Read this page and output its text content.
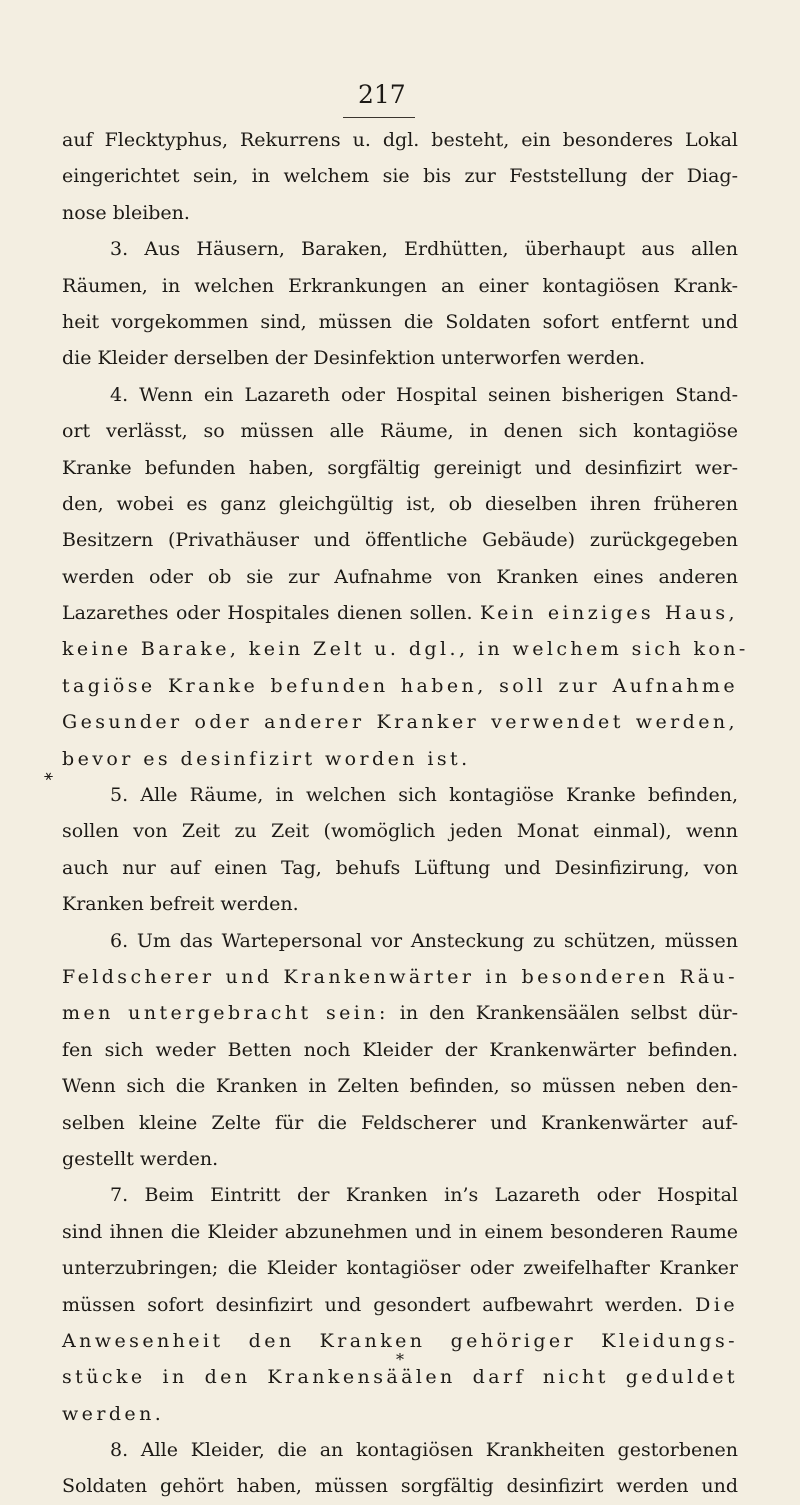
217
auf Flecktyphus, Rekurrens u. dgl. besteht, ein besonderes Lokal
eingerichtet sein, in welchem sie bis zur Feststellung der Diag-
nose bleiben.
3. Aus Häusern, Baraken, Erdhütten, überhaupt aus allen
Räumen, in welchen Erkrankungen an einer kontagiösen Krank-
heit vorgekommen sind, müssen die Soldaten sofort entfernt und
die Kleider derselben der Desinfektion unterworfen werden.
4. Wenn ein Lazareth oder Hospital seinen bisherigen Stand-
ort verlässt, so müssen alle Räume, in denen sich kontagiöse
Kranke befunden haben, sorgfältig gereinigt und desinfizirt wer-
den, wobei es ganz gleichgültig ist, ob dieselben ihren früheren
Besitzern (Privathäuser und öffentliche Gebäude) zurückgegeben
werden oder ob sie zur Aufnahme von Kranken eines anderen
Lazarethes oder Hospitales dienen sollen. Kein einziges Haus,
keine Barake, kein Zelt u. dgl., in welchem sich kon-
tagiöse Kranke befunden haben, soll zur Aufnahme
Gesunder oder anderer Kranker verwendet werden,
bevor es desinfizirt worden ist.
5. Alle Räume, in welchen sich kontagiöse Kranke befinden,
sollen von Zeit zu Zeit (womöglich jeden Monat einmal), wenn
auch nur auf einen Tag, behufs Lüftung und Desinfizirung, von
Kranken befreit werden.
6. Um das Wartepersonal vor Ansteckung zu schützen, müssen
Feldscherer und Krankenwärter in besonderen Räu-
men untergebracht sein: in den Krankensäälen selbst dür-
fen sich weder Betten noch Kleider der Krankenwärter befinden.
Wenn sich die Kranken in Zelten befinden, so müssen neben den-
selben kleine Zelte für die Feldscherer und Krankenwärter auf-
gestellt werden.
7. Beim Eintritt der Kranken in’s Lazareth oder Hospital
sind ihnen die Kleider abzunehmen und in einem besonderen Raume
unterzubringen; die Kleider kontagiöser oder zweifelhafter Kranker
müssen sofort desinfizirt und gesondert aufbewahrt werden. Die
Anwesenheit den Kranken gehöriger Kleidungs-
stücke in den Krankensäälen darf nicht geduldet
werden.
8. Alle Kleider, die an kontagiösen Krankheiten gestorbenen
Soldaten gehört haben, müssen sorgfältig desinfizirt werden und
⚹
*
